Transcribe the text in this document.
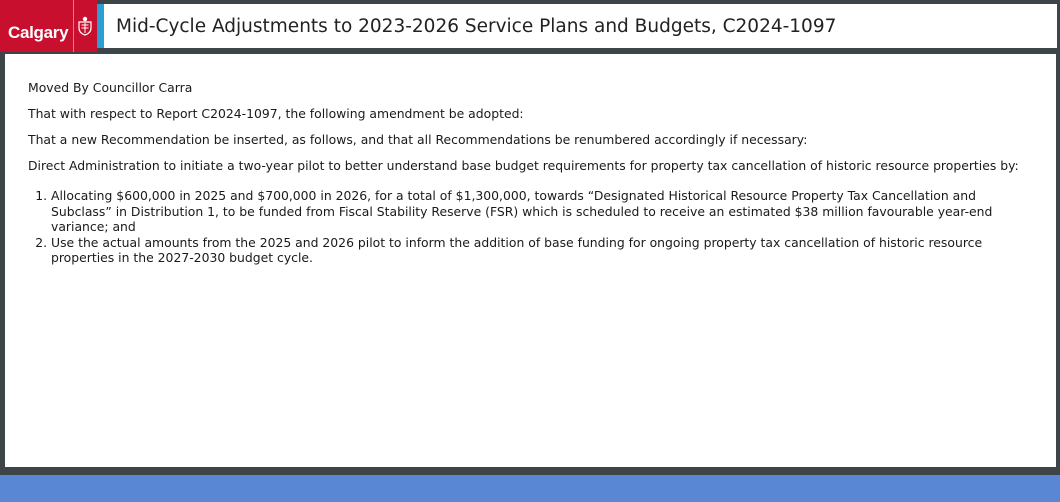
Calgary	Mid-Cycle Adjustments to 2023-2026 Service Plans and Budgets, C2024-1097

Moved By Councillor Carra

That with respect to Report C2024-1097, the following amendment be adopted:

That a new Recommendation be inserted, as follows, and that all Recommendations be renumbered accordingly if necessary:

Direct Administration to initiate a two-year pilot to better understand base budget requirements for property tax cancellation of historic resource properties by:

1. Allocating $600,000 in 2025 and $700,000 in 2026, for a total of $1,300,000, towards “Designated Historical Resource Property Tax Cancellation and Subclass” in Distribution 1, to be funded from Fiscal Stability Reserve (FSR) which is scheduled to receive an estimated $38 million favourable year-end variance; and
2. Use the actual amounts from the 2025 and 2026 pilot to inform the addition of base funding for ongoing property tax cancellation of historic resource properties in the 2027-2030 budget cycle.
